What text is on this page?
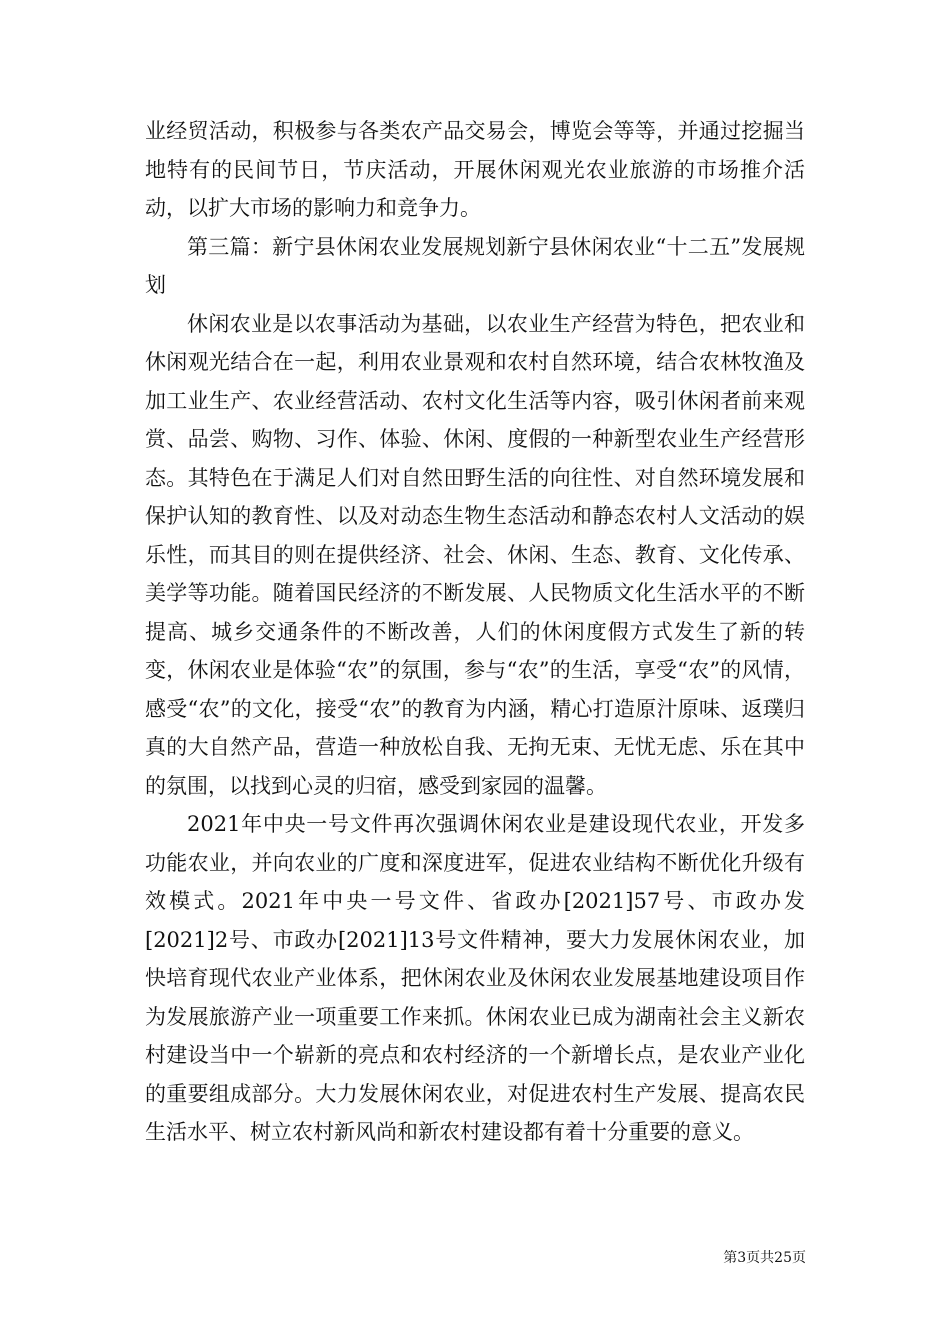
业经贸活动，积极参与各类农产品交易会，博览会等等，并通过挖掘当地特有的民间节日，节庆活动，开展休闲观光农业旅游的市场推介活动，以扩大市场的影响力和竞争力。

第三篇：新宁县休闲农业发展规划新宁县休闲农业“十二五”发展规划

休闲农业是以农事活动为基础，以农业生产经营为特色，把农业和休闲观光结合在一起，利用农业景观和农村自然环境，结合农林牧渔及加工业生产、农业经营活动、农村文化生活等内容，吸引休闲者前来观赏、品尝、购物、习作、体验、休闲、度假的一种新型农业生产经营形态。其特色在于满足人们对自然田野生活的向往性、对自然环境发展和保护认知的教育性、以及对动态生物生态活动和静态农村人文活动的娱乐性，而其目的则在提供经济、社会、休闲、生态、教育、文化传承、美学等功能。随着国民经济的不断发展、人民物质文化生活水平的不断提高、城乡交通条件的不断改善，人们的休闲度假方式发生了新的转变，休闲农业是体验“农”的氛围，参与“农”的生活，享受“农”的风情，感受“农”的文化，接受“农”的教育为内涵，精心打造原汁原味、返璞归真的大自然产品，营造一种放松自我、无拘无束、无忧无虑、乐在其中的氛围，以找到心灵的归宿，感受到家园的温馨。

2021年中央一号文件再次强调休闲农业是建设现代农业，开发多功能农业，并向农业的广度和深度进军，促进农业结构不断优化升级有效模式。2021年中央一号文件、省政办[2021]57号、市政办发[2021]2号、市政办[2021]13号文件精神，要大力发展休闲农业，加快培育现代农业产业体系，把休闲农业及休闲农业发展基地建设项目作为发展旅游产业一项重要工作来抓。休闲农业已成为湖南社会主义新农村建设当中一个崭新的亮点和农村经济的一个新增长点，是农业产业化的重要组成部分。大力发展休闲农业，对促进农村生产发展、提高农民生活水平、树立农村新风尚和新农村建设都有着十分重要的意义。

第3页共25页
